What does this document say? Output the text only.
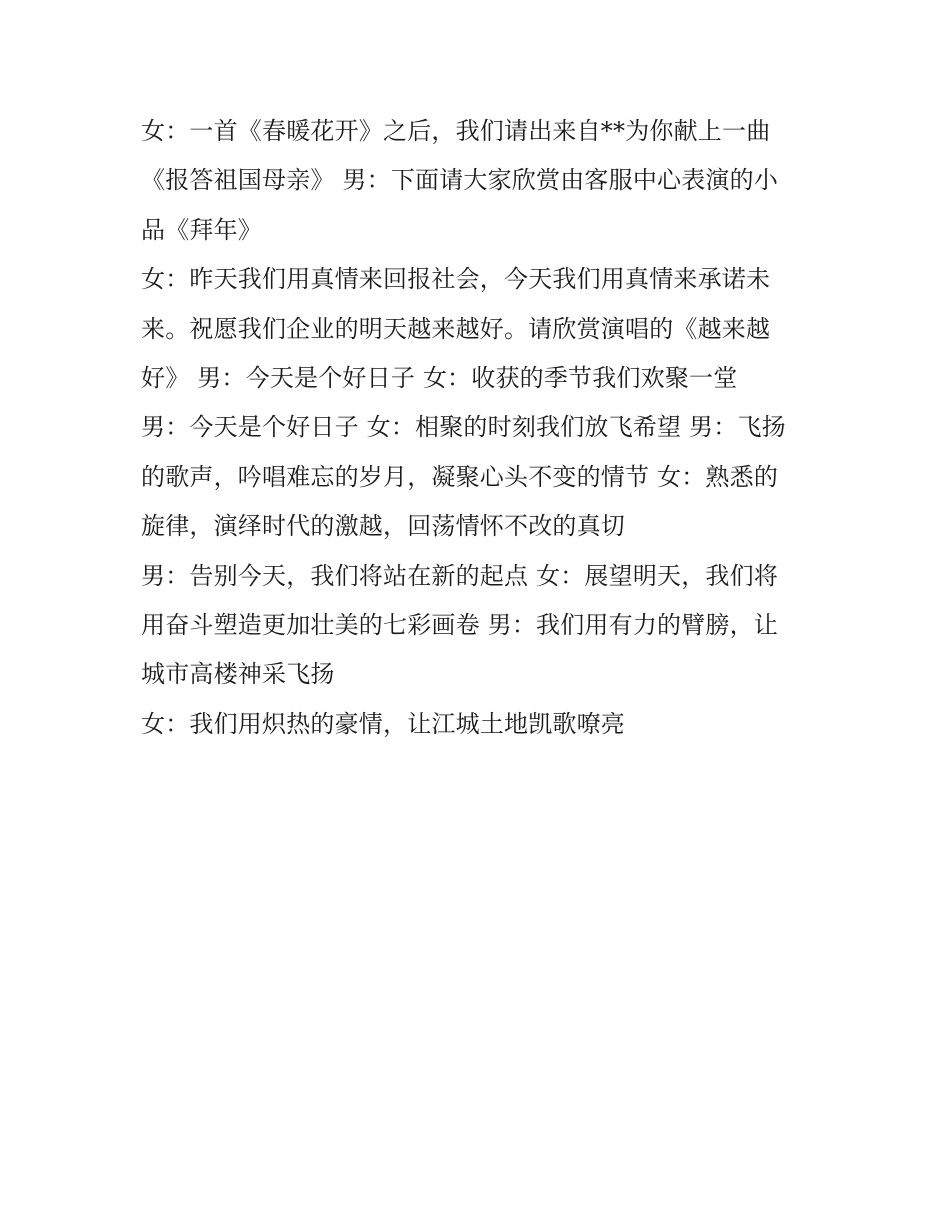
女：一首《春暖花开》之后，我们请出来自**为你献上一曲
《报答祖国母亲》 男：下面请大家欣赏由客服中心表演的小
品《拜年》
女：昨天我们用真情来回报社会，今天我们用真情来承诺未
来。祝愿我们企业的明天越来越好。请欣赏演唱的《越来越
好》 男：今天是个好日子 女：收获的季节我们欢聚一堂
男：今天是个好日子 女：相聚的时刻我们放飞希望 男：飞扬
的歌声，吟唱难忘的岁月，凝聚心头不变的情节 女：熟悉的
旋律，演绎时代的激越，回荡情怀不改的真切
男：告别今天，我们将站在新的起点 女：展望明天，我们将
用奋斗塑造更加壮美的七彩画卷 男：我们用有力的臂膀，让
城市高楼神采飞扬
女：我们用炽热的豪情，让江城土地凯歌嘹亮
